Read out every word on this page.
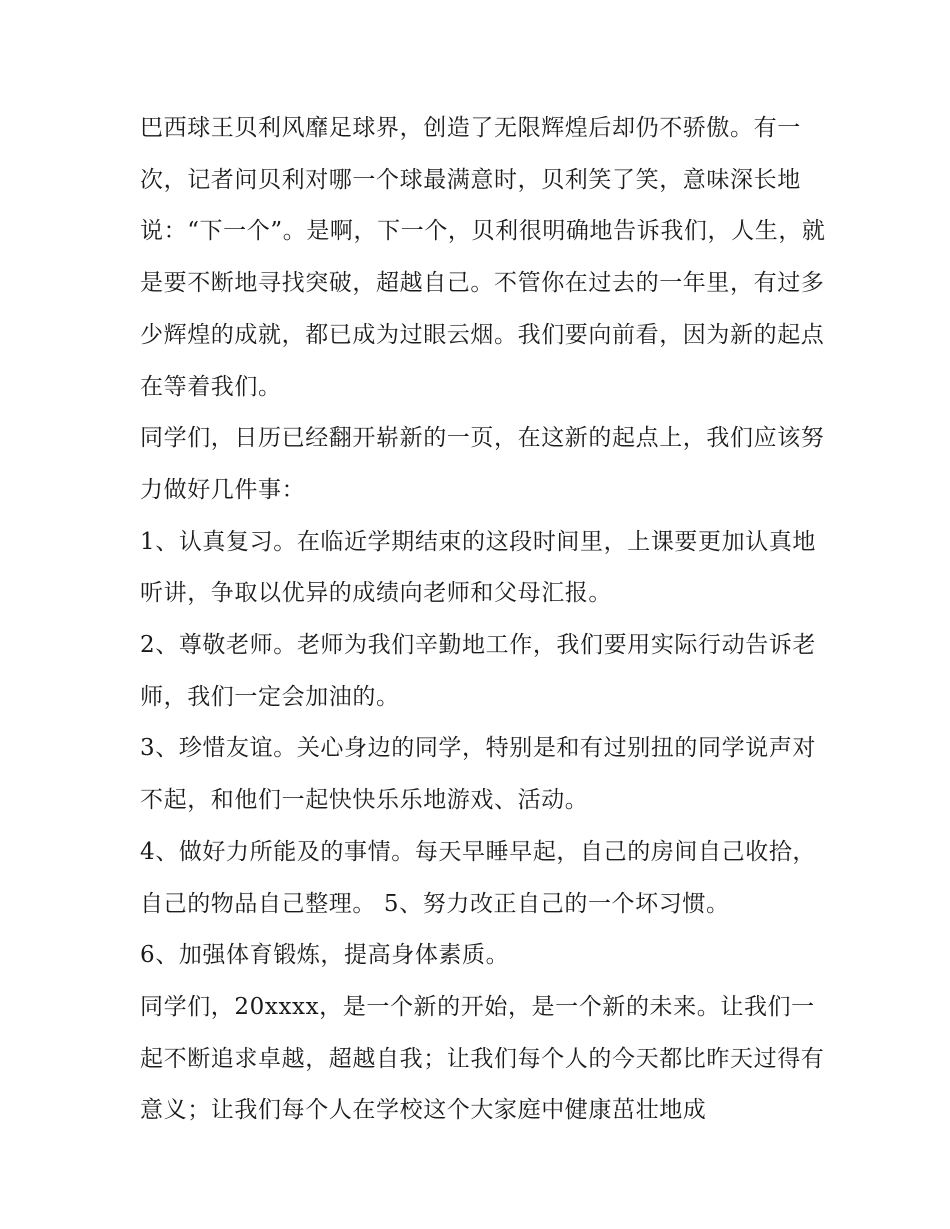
巴西球王贝利风靡足球界，创造了无限辉煌后却仍不骄傲。有一次，记者问贝利对哪一个球最满意时，贝利笑了笑，意味深长地说：“下一个”。是啊，下一个，贝利很明确地告诉我们，人生，就是要不断地寻找突破，超越自己。不管你在过去的一年里，有过多少辉煌的成就，都已成为过眼云烟。我们要向前看，因为新的起点在等着我们。

同学们，日历已经翻开崭新的一页，在这新的起点上，我们应该努力做好几件事：

1、认真复习。在临近学期结束的这段时间里，上课要更加认真地听讲，争取以优异的成绩向老师和父母汇报。

2、尊敬老师。老师为我们辛勤地工作，我们要用实际行动告诉老师，我们一定会加油的。

3、珍惜友谊。关心身边的同学，特别是和有过别扭的同学说声对不起，和他们一起快快乐乐地游戏、活动。

4、做好力所能及的事情。每天早睡早起，自己的房间自己收拾，自己的物品自己整理。 5、努力改正自己的一个坏习惯。

6、加强体育锻炼，提高身体素质。

同学们，20xxxx，是一个新的开始，是一个新的未来。让我们一起不断追求卓越，超越自我；让我们每个人的今天都比昨天过得有意义；让我们每个人在学校这个大家庭中健康茁壮地成
